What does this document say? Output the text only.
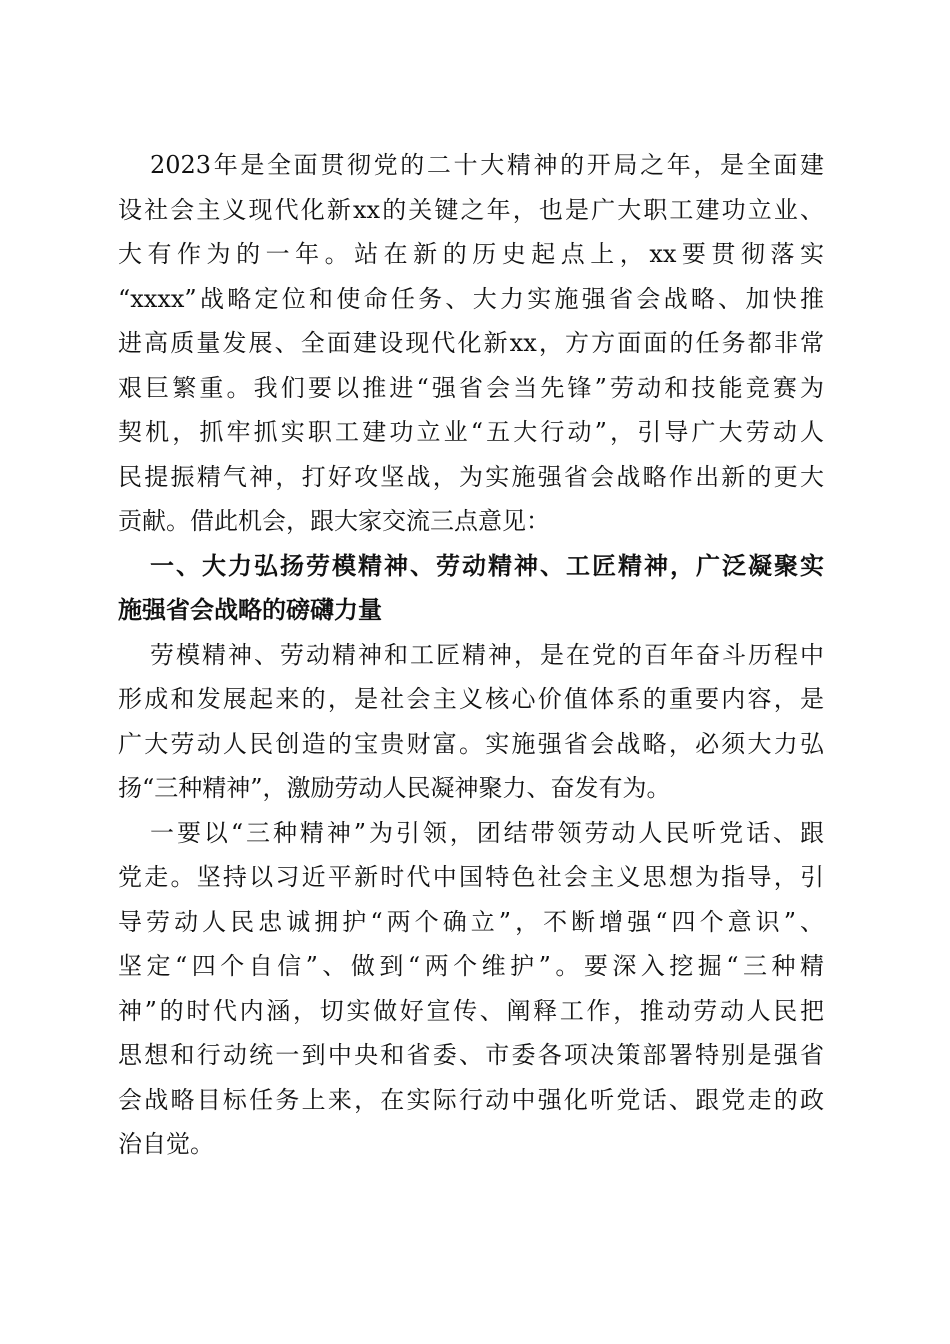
2023年是全面贯彻党的二十大精神的开局之年，是全面建
设社会主义现代化新xx的关键之年，也是广大职工建功立业、
大有作为的一年。站在新的历史起点上，xx要贯彻落实
“xxxx”战略定位和使命任务、大力实施强省会战略、加快推
进高质量发展、全面建设现代化新xx，方方面面的任务都非常
艰巨繁重。我们要以推进“强省会当先锋”劳动和技能竞赛为
契机，抓牢抓实职工建功立业“五大行动”，引导广大劳动人
民提振精气神，打好攻坚战，为实施强省会战略作出新的更大
贡献。借此机会，跟大家交流三点意见：
一、大力弘扬劳模精神、劳动精神、工匠精神，广泛凝聚实
施强省会战略的磅礴力量
劳模精神、劳动精神和工匠精神，是在党的百年奋斗历程中
形成和发展起来的，是社会主义核心价值体系的重要内容，是
广大劳动人民创造的宝贵财富。实施强省会战略，必须大力弘
扬“三种精神”，激励劳动人民凝神聚力、奋发有为。
一要以“三种精神”为引领，团结带领劳动人民听党话、跟
党走。坚持以习近平新时代中国特色社会主义思想为指导，引
导劳动人民忠诚拥护“两个确立”，不断增强“四个意识”、
坚定“四个自信”、做到“两个维护”。要深入挖掘“三种精
神”的时代内涵，切实做好宣传、阐释工作，推动劳动人民把
思想和行动统一到中央和省委、市委各项决策部署特别是强省
会战略目标任务上来，在实际行动中强化听党话、跟党走的政
治自觉。
